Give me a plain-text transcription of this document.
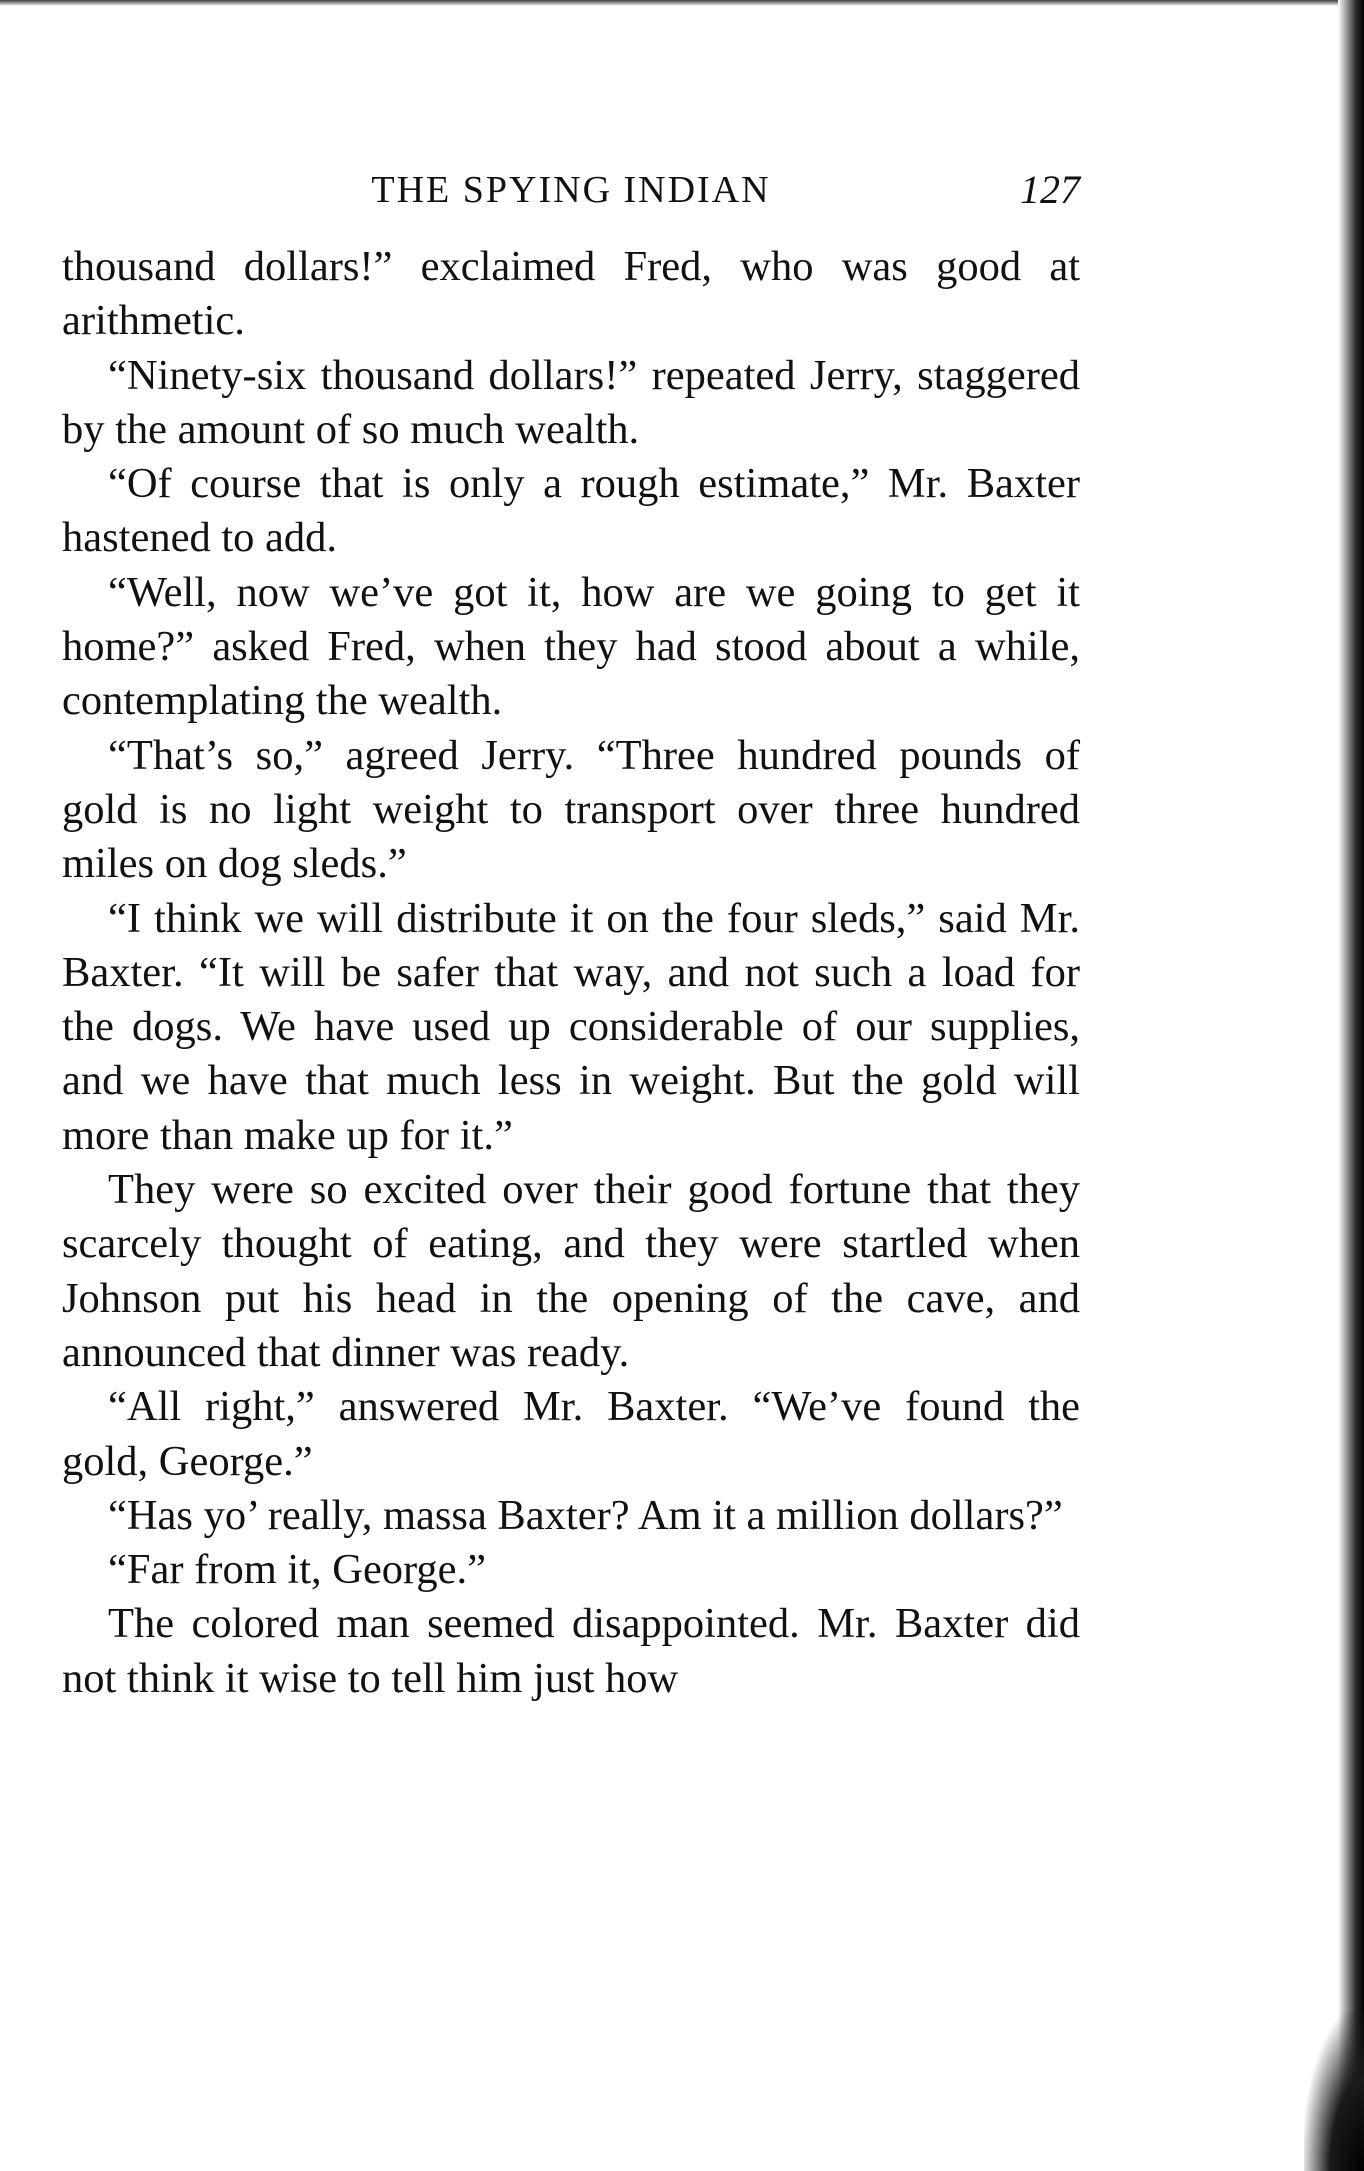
THE SPYING INDIAN	127

thousand dollars!” exclaimed Fred, who was good at arithmetic.

“Ninety-six thousand dollars!” repeated Jerry, staggered by the amount of so much wealth.

“Of course that is only a rough estimate,” Mr. Baxter hastened to add.

“Well, now we’ve got it, how are we going to get it home?” asked Fred, when they had stood about a while, contemplating the wealth.

“That’s so,” agreed Jerry. “Three hundred pounds of gold is no light weight to transport over three hundred miles on dog sleds.”

“I think we will distribute it on the four sleds,” said Mr. Baxter. “It will be safer that way, and not such a load for the dogs. We have used up considerable of our supplies, and we have that much less in weight. But the gold will more than make up for it.”

They were so excited over their good fortune that they scarcely thought of eating, and they were startled when Johnson put his head in the opening of the cave, and announced that dinner was ready.

“All right,” answered Mr. Baxter. “We’ve found the gold, George.”

“Has yo’ really, massa Baxter? Am it a million dollars?”

“Far from it, George.”

The colored man seemed disappointed. Mr. Baxter did not think it wise to tell him just how
